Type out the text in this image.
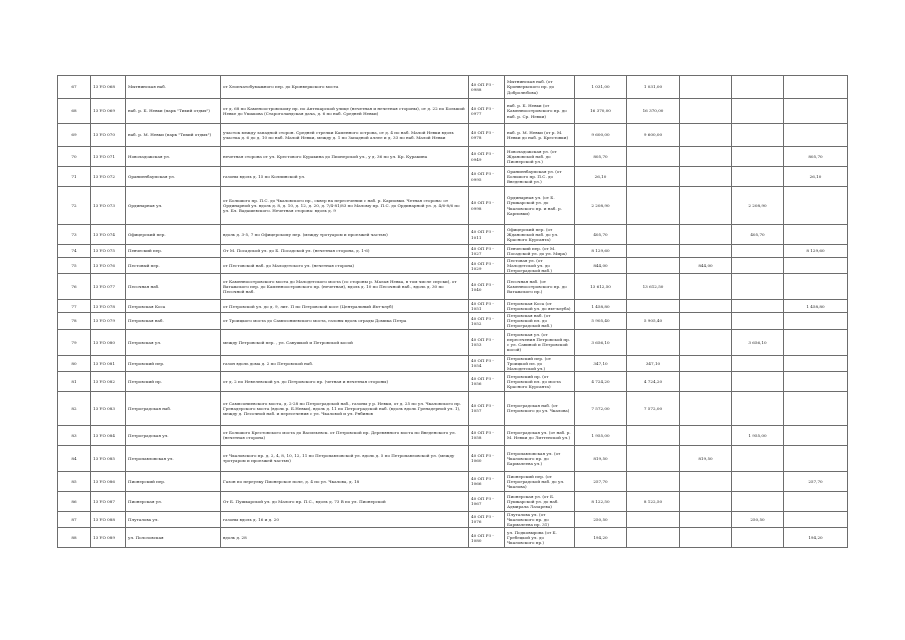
67	13 УО 068	Мытнинская наб.	от Хлопчатобумажного пер. до Кронверкского моста	40 ОП РЗ - 0988	Мытнинская наб. (от Кронверкского пр. до Добролюбова)	1 031,00	1 031,00			
68	13 УО 069	наб. р. Б. Невки (парк "Тихий отдых")	от д. 68 по Каменоостровскому пр. по Аптекарской улице (нечетная и нечетная стороны), от д. 22 по Большой Невке до Ушакова (Староголандская дача, д. 6 по наб. Средней Невки)	40 ОП РЗ - 0977	наб. р. Б. Невки (от Каменноостровского пр. до наб. р. Ср. Невки)	16 370,00	16 370,00			
69	13 УО 070	наб. р. М. Невки (парк "Тихий отдых")	участок между западной сторон. Средней стрелки Каменного острова, от д. 4 по наб. Малой Невки вдоль участка д. 6 до д. 10 по наб. Малой Невки, между д. 1 по Западной аллее и д. 33 по наб. Малой Невки	40 ОП РЗ - 0978	наб. р. М. Невки (от р. М. Невки до наб. р. Крестовки)	9 600,00	9 600,00			
70	13 УО 071	Новоладожская ул.	нечетная сторона от ул. Крестового Куракина до Пионерской ул., у д. 36 по ул. Кр. Куракина	40 ОП РЗ - 0949	Новоладожская ул. (от Ждановской наб. до Пионерской ул.)	805,70				805,70
71	13 УО 072	Ораниенбаумская ул.	газоны вдоль д. 15 по Колпинской ул.	40 ОП РЗ - 0995	Ораниенбаумская ул. (от Большого пр. П.С. до Введенской ул.)	26,10				26,10
72	13 УО 073	Ординарная ул.	от Большого пр. П.С. до Чкаловского пр., сквер на пересечении с наб. р. Карповки. Четная сторона: от Ординарной ул. вдоль д. 8, д. 10, д. 12, д. 20, д. 7/4-81/83 по Малому пр. П.С. до Ординарной ул. д. 4/6-8/6 по ул. Бл. Вадашевского. Нечетная сторона: вдоль д. 9	40 ОП РЗ - 0998	Ординарная ул. (от Б. Пушкарской ул. до Чкаловского пр. и наб. р. Карповки)	2 208,90			2 208,90	
73	13 УО 074	Офицерский пер.	вдоль д. 3-5, 7 по Офицерскому пер. (между тротуаром и проезжей частью)	40 ОП РЗ - 1011	Офицерский пер. (от Ждановской наб. до ул. Красного Курсанта)	405,70			405,70	
74	13 УО 075	Певческий пер.	От М. Посадской ул. до Б. Посадской ул. (нечетная сторона, д. 1-6)	40 ОП РЗ - 1027	Певческий пер. (от М. Посадской ул. до ул. Мира)	8 129,60				8 129,60
75	13 УО 076	Пестовый пер.	от Пестовской наб. до Малодетского ул. (нечетная сторона)	40 ОП РЗ - 1029	Пестовая ул. (от Малодетской ул. до Петроградской наб.)	844,00		844,00		
76	13 УО 077	Песочная наб.	от Каменноостровского моста до Малодетского моста (со стороны р. Малая Невка, в том числе спуски), от Ватажского пер. до Каменноостровского пр. (нечетная), вдоль д. 10 по Песочной наб., вдоль д. 30 по Песочной наб.	40 ОП РЗ - 1040	Песочная наб. (от Каменноостровского пр. до Ватажского пр.)	13 612,50	13 612,50			
77	13 УО 078	Петровская Коса	от Петровской ул. до д. 9, лит. П по Петровской косе (Центральный Яхт-клуб)	40 ОП РЗ - 1051	Петровская Коса (от Петровской ул. до яхт-клуба)	1 458,80				1 458,80
78	13 УО 079	Петровская наб.	от Троицкого моста до Сампсониевского моста, газоны вдоль ограды Домика Петра	40 ОП РЗ - 1052	Петровская наб. (от Петровской пл. до Петроградской наб.)	5 905,40	5 905,40			
79	13 УО 080	Петровская ул.	между Петровской пер. , ул. Савушкой и Петровской косой	40 ОП РЗ - 1053	Петровская ул. (от пересечения Петровской пр. с ул. Савиной и Петровской косой)	3 656,10			3 656,10	
80	13 УО 081	Петровский пер.	газон вдоль дома д. 2 по Петровской наб.	40 ОП РЗ - 1054	Петровский пер. (от Троицкой пл. до Малодетской ул.)	347,10	347,10			
81	13 УО 082	Петровский пр.	от д. 2 по Невелевской ул. до Петровского пр. (четная и нечетная стороны)	40 ОП РЗ - 1056	Петровский пр. (от Петровской пл. до моста Красного Курсанта)	4 724,20	4 724,20			
82	13 УО 083	Петроградская наб.	от Сампсониевского моста, д. 2-28 по Петроградской наб., газоны у р. Невки, от д. 25 по ул. Чкаловского пр. Гренадерского моста (вдоль р. Б.Невки), вдоль д. 11 по Петроградской наб. (вдоль вдоль Гренадерной ул. 1), между д. Песочной наб. и пересечения с ул. Чкаловой и ул. Рябинов	40 ОП РЗ - 1057	Петроградская наб. (от Петровского до ул. Чкалова)	7 572,00	7 572,00			
83	13 УО 084	Петроградская ул.	от Большого Крестовского моста до Васильевск. от Петровской пр. Деревянного моста по Введенского ул. (нечетная сторона)	40 ОП РЗ - 1058	Петроградская ул. (от наб. р. М. Невки до Литтенской ул.)	1 955,00			1 955,00	
84	13 УО 085	Петропавловская ул.	от Чкаловского пр. д. 2, 4, 8, 10, 12, 11 по Петропавловской ул. вдоль д. 5 по Петропавловской ул. (между тротуаром и проезжей частью)	40 ОП РЗ - 1060	Петропавловская ул. (от Чкаловского пр. до Бармалеева ул.)	819,50		819,50		
85	13 УО 086	Пионерский пер.	Газон по переулку Пионерское поле, д. 4 по ул. Чкалова, д. 18	40 ОП РЗ - 1066	Пионерский пер. (от Петроградской наб. до ул. Чкалова)	257,70				257,70
86	13 УО 087	Пионерская ул.	От Б. Пушкарской ул. до Малого пр. П.С., вдоль д. 73 В по ул. Пионерской	40 ОП РЗ - 1067	Пионерская ул. (от Б. Пушкарской ул. до наб. Адмирала Лазарева)	8 122,50	8 122,50			
87	13 УО 088	Плуталова ул.	газоны вдоль д. 16 и д. 20	40 ОП РЗ - 1076	Плуталова ул. (от Чкаловского пр. до Бармалеева пр. 31)	250,50			250,50	
88	13 УО 089	ул. Полозовская	вдоль д. 28	40 ОП РЗ - 1080	ул. Подковырова (от Б. Гребецкой ул. до Чкаловского пр.)	194,20				194,20
